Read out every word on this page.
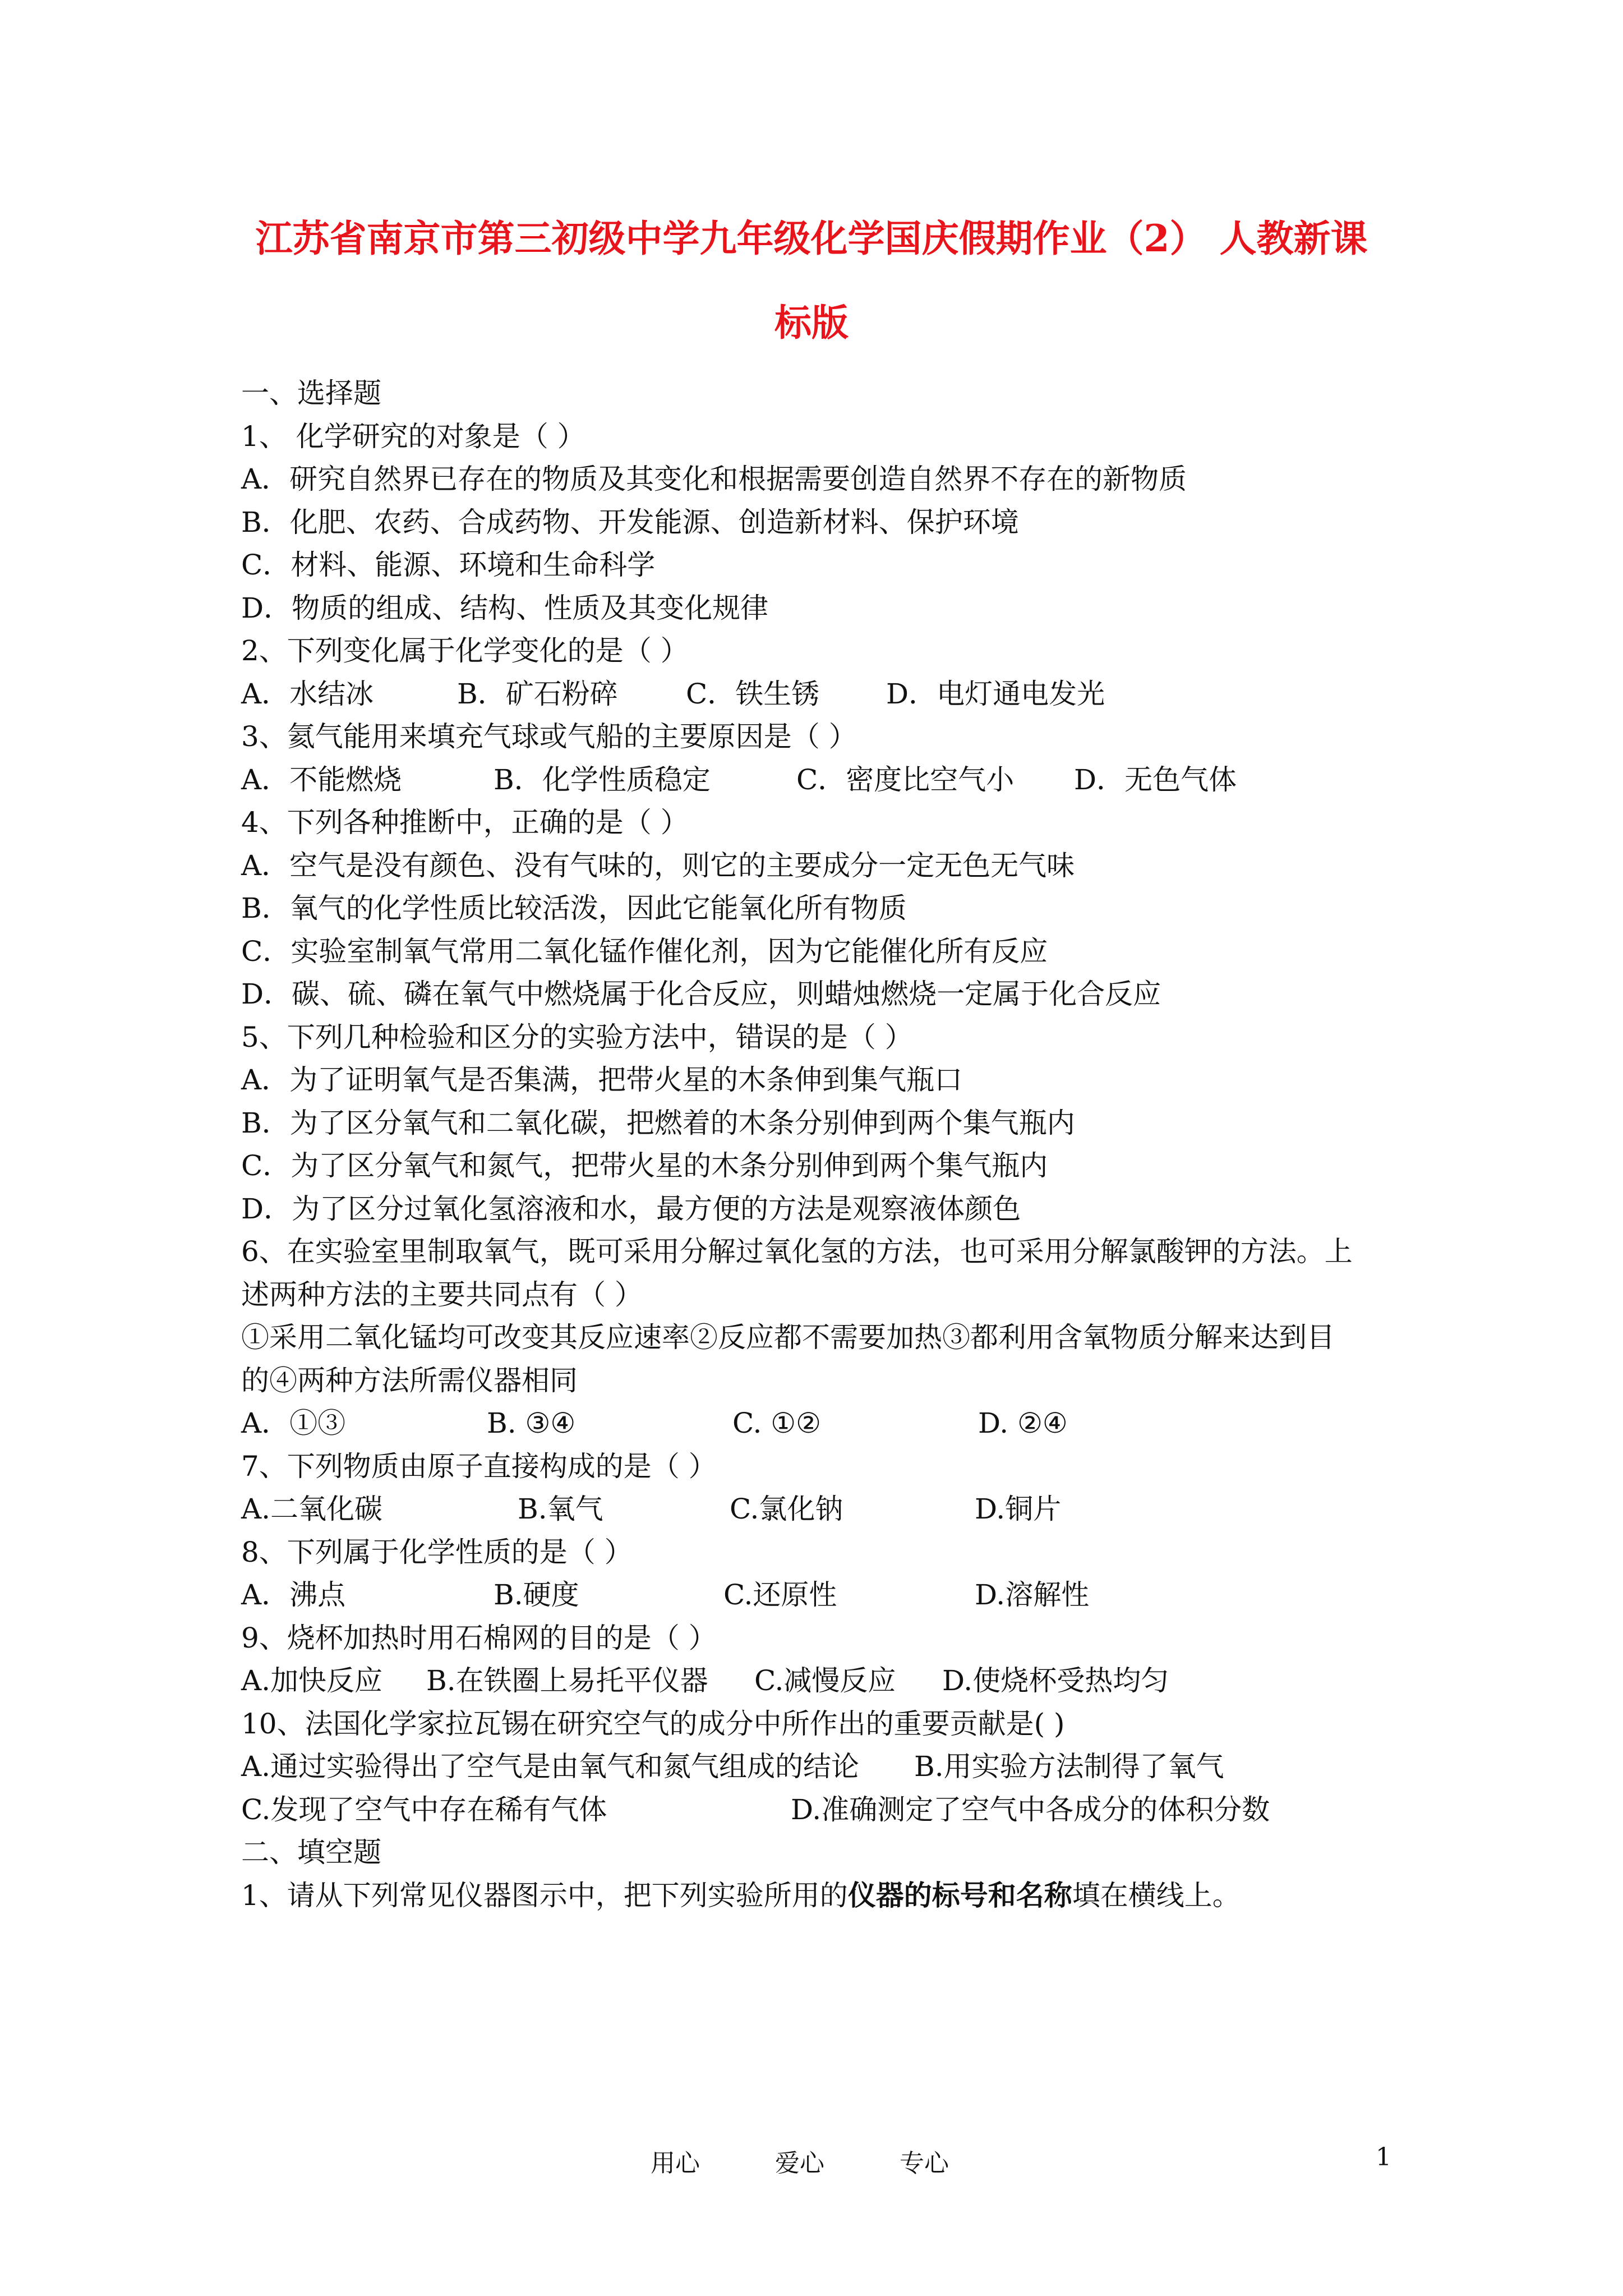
江苏省南京市第三初级中学九年级化学国庆假期作业（2） 人教新课
标版
一、选择题
1、 化学研究的对象是（ ）
A．研究自然界已存在的物质及其变化和根据需要创造自然界不存在的新物质
B．化肥、农药、合成药物、开发能源、创造新材料、保护环境
C．材料、能源、环境和生命科学
D．物质的组成、结构、性质及其变化规律
2、下列变化属于化学变化的是（ ）
A．水结冰	B．矿石粉碎	C．铁生锈	D．电灯通电发光
3、氦气能用来填充气球或气船的主要原因是（ ）
A．不能燃烧	B．化学性质稳定	C．密度比空气小	D．无色气体
4、下列各种推断中，正确的是（ ）
A．空气是没有颜色、没有气味的，则它的主要成分一定无色无气味
B．氧气的化学性质比较活泼，因此它能氧化所有物质
C．实验室制氧气常用二氧化锰作催化剂，因为它能催化所有反应
D．碳、硫、磷在氧气中燃烧属于化合反应，则蜡烛燃烧一定属于化合反应
5、下列几种检验和区分的实验方法中，错误的是（ ）
A．为了证明氧气是否集满，把带火星的木条伸到集气瓶口
B．为了区分氧气和二氧化碳，把燃着的木条分别伸到两个集气瓶内
C．为了区分氧气和氮气，把带火星的木条分别伸到两个集气瓶内
D．为了区分过氧化氢溶液和水，最方便的方法是观察液体颜色
6、在实验室里制取氧气，既可采用分解过氧化氢的方法，也可采用分解氯酸钾的方法。上
述两种方法的主要共同点有（ ）
①采用二氧化锰均可改变其反应速率②反应都不需要加热③都利用含氧物质分解来达到目
的④两种方法所需仪器相同
A．①③	B. ③④	C. ①②	D. ②④
7、下列物质由原子直接构成的是（ ）
A.二氧化碳	B.氧气	C.氯化钠	D.铜片
8、下列属于化学性质的是（ ）
A．沸点	B.硬度	C.还原性	D.溶解性
9、烧杯加热时用石棉网的目的是（ ）
A.加快反应	B.在铁圈上易托平仪器	C.减慢反应	D.使烧杯受热均匀
10、法国化学家拉瓦锡在研究空气的成分中所作出的重要贡献是( )
A.通过实验得出了空气是由氧气和氮气组成的结论	B.用实验方法制得了氧气
C.发现了空气中存在稀有气体	D.准确测定了空气中各成分的体积分数
二、填空题
1、请从下列常见仪器图示中，把下列实验所用的仪器的标号和名称填在横线上。
用心	爱心	专心	1
